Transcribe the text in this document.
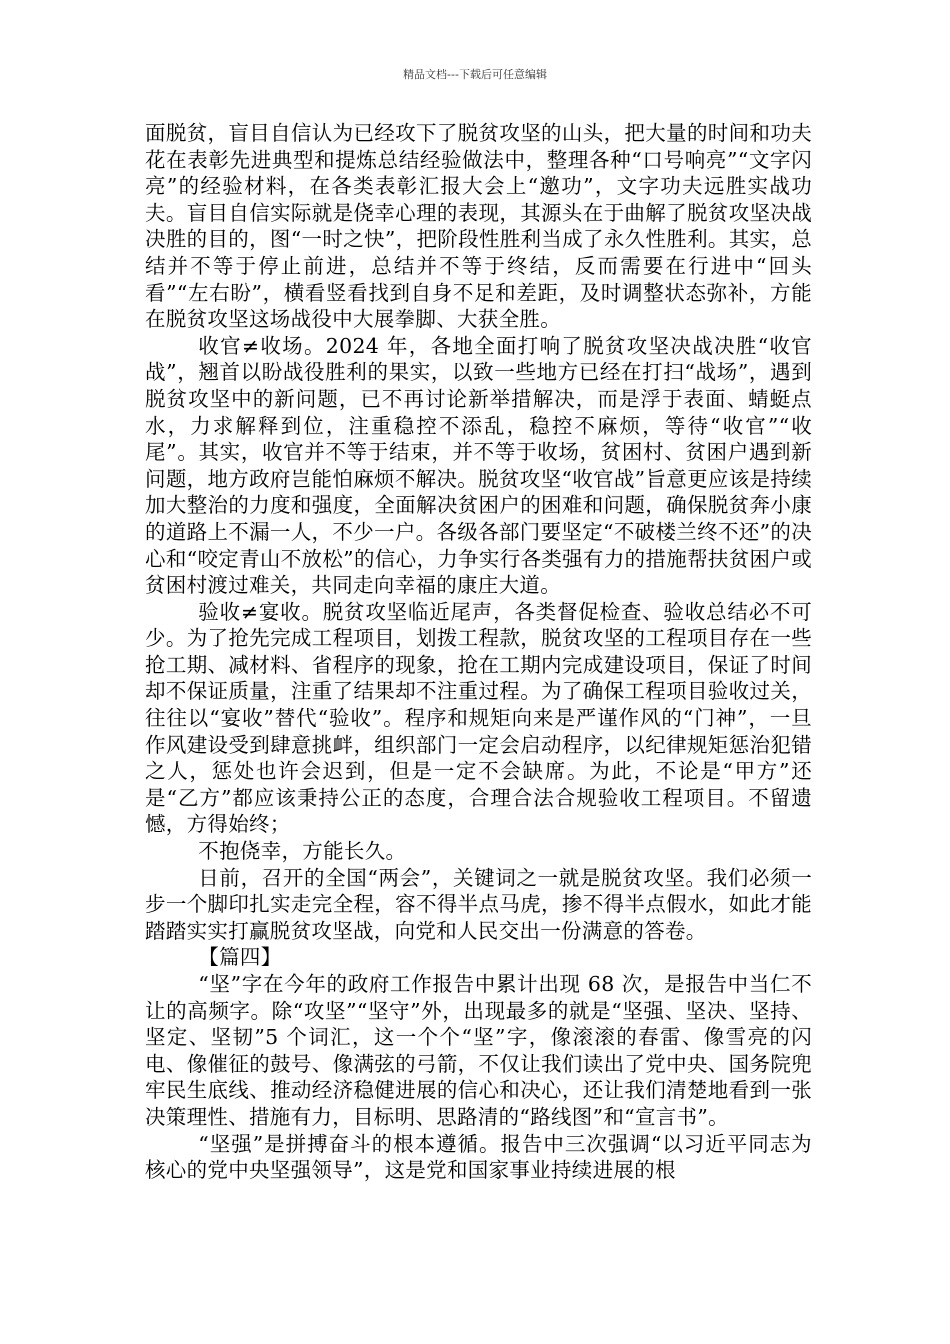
精品文档---下载后可任意编辑

面脱贫，盲目自信认为已经攻下了脱贫攻坚的山头，把大量的时间和功夫花在表彰先进典型和提炼总结经验做法中，整理各种“口号响亮”“文字闪亮”的经验材料，在各类表彰汇报大会上“邀功”，文字功夫远胜实战功夫。盲目自信实际就是侥幸心理的表现，其源头在于曲解了脱贫攻坚决战决胜的目的，图“一时之快”，把阶段性胜利当成了永久性胜利。其实，总结并不等于停止前进，总结并不等于终结，反而需要在行进中“回头看”“左右盼”，横看竖看找到自身不足和差距，及时调整状态弥补，方能在脱贫攻坚这场战役中大展拳脚、大获全胜。

收官≠收场。2024 年，各地全面打响了脱贫攻坚决战决胜“收官战”，翘首以盼战役胜利的果实，以致一些地方已经在打扫“战场”，遇到脱贫攻坚中的新问题，已不再讨论新举措解决，而是浮于表面、蜻蜓点水，力求解释到位，注重稳控不添乱，稳控不麻烦，等待“收官”“收尾”。其实，收官并不等于结束，并不等于收场，贫困村、贫困户遇到新问题，地方政府岂能怕麻烦不解决。脱贫攻坚“收官战”旨意更应该是持续加大整治的力度和强度，全面解决贫困户的困难和问题，确保脱贫奔小康的道路上不漏一人，不少一户。各级各部门要坚定“不破楼兰终不还”的决心和“咬定青山不放松”的信心，力争实行各类强有力的措施帮扶贫困户或贫困村渡过难关，共同走向幸福的康庄大道。

验收≠宴收。脱贫攻坚临近尾声，各类督促检查、验收总结必不可少。为了抢先完成工程项目，划拨工程款，脱贫攻坚的工程项目存在一些抢工期、减材料、省程序的现象，抢在工期内完成建设项目，保证了时间却不保证质量，注重了结果却不注重过程。为了确保工程项目验收过关，往往以“宴收”替代“验收”。程序和规矩向来是严谨作风的“门神”，一旦作风建设受到肆意挑衅，组织部门一定会启动程序，以纪律规矩惩治犯错之人，惩处也许会迟到，但是一定不会缺席。为此，不论是“甲方”还是“乙方”都应该秉持公正的态度，合理合法合规验收工程项目。不留遗憾，方得始终；

不抱侥幸，方能长久。

日前，召开的全国“两会”，关键词之一就是脱贫攻坚。我们必须一步一个脚印扎实走完全程，容不得半点马虎，掺不得半点假水，如此才能踏踏实实打赢脱贫攻坚战，向党和人民交出一份满意的答卷。

【篇四】

“坚”字在今年的政府工作报告中累计出现 68 次，是报告中当仁不让的高频字。除“攻坚”“坚守”外，出现最多的就是“坚强、坚决、坚持、坚定、坚韧”5 个词汇，这一个个“坚”字，像滚滚的春雷、像雪亮的闪电、像催征的鼓号、像满弦的弓箭，不仅让我们读出了党中央、国务院兜牢民生底线、推动经济稳健进展的信心和决心，还让我们清楚地看到一张决策理性、措施有力，目标明、思路清的“路线图”和“宣言书”。

“坚强”是拼搏奋斗的根本遵循。报告中三次强调“以习近平同志为核心的党中央坚强领导”，这是党和国家事业持续进展的根
